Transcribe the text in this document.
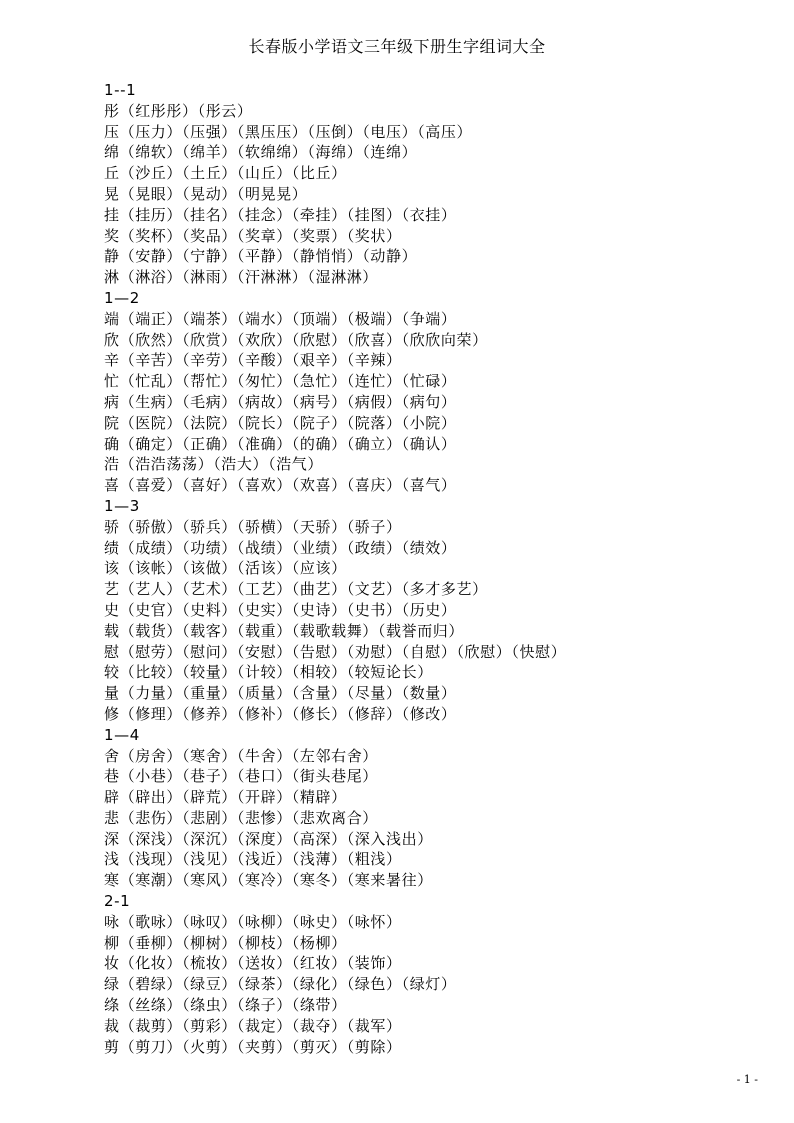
长春版小学语文三年级下册生字组词大全
1--1
彤（红彤彤）（彤云）
压（压力）（压强）（黑压压）（压倒）（电压）（高压）
绵（绵软）（绵羊）（软绵绵）（海绵）（连绵）
丘（沙丘）（土丘）（山丘）（比丘）
晃（晃眼）（晃动）（明晃晃）
挂（挂历）（挂名）（挂念）（牵挂）（挂图）（衣挂）
奖（奖杯）（奖品）（奖章）（奖票）（奖状）
静（安静）（宁静）（平静）（静悄悄）（动静）
淋（淋浴）（淋雨）（汗淋淋）（湿淋淋）
1—2
端（端正）（端茶）（端水）（顶端）（极端）（争端）
欣（欣然）（欣赏）（欢欣）（欣慰）（欣喜）（欣欣向荣）
辛（辛苦）（辛劳）（辛酸）（艰辛）（辛辣）
忙（忙乱）（帮忙）（匆忙）（急忙）（连忙）（忙碌）
病（生病）（毛病）（病故）（病号）（病假）（病句）
院（医院）（法院）（院长）（院子）（院落）（小院）
确（确定）（正确）（准确）（的确）（确立）（确认）
浩（浩浩荡荡）（浩大）（浩气）
喜（喜爱）（喜好）（喜欢）（欢喜）（喜庆）（喜气）
1—3
骄（骄傲）（骄兵）（骄横）（天骄）（骄子）
绩（成绩）（功绩）（战绩）（业绩）（政绩）（绩效）
该（该帐）（该做）（活该）（应该）
艺（艺人）（艺术）（工艺）（曲艺）（文艺）（多才多艺）
史（史官）（史料）（史实）（史诗）（史书）（历史）
载（载货）（载客）（载重）（载歌载舞）（载誉而归）
慰（慰劳）（慰问）（安慰）（告慰）（劝慰）（自慰）（欣慰）（快慰）
较（比较）（较量）（计较）（相较）（较短论长）
量（力量）（重量）（质量）（含量）（尽量）（数量）
修（修理）（修养）（修补）（修长）（修辞）（修改）
1—4
舍（房舍）（寒舍）（牛舍）（左邻右舍）
巷（小巷）（巷子）（巷口）（街头巷尾）
辟（辟出）（辟荒）（开辟）（精辟）
悲（悲伤）（悲剧）（悲惨）（悲欢离合）
深（深浅）（深沉）（深度）（高深）（深入浅出）
浅（浅现）（浅见）（浅近）（浅薄）（粗浅）
寒（寒潮）（寒风）（寒冷）（寒冬）（寒来暑往）
2-1
咏（歌咏）（咏叹）（咏柳）（咏史）（咏怀）
柳（垂柳）（柳树）（柳枝）（杨柳）
妆（化妆）（梳妆）（送妆）（红妆）（装饰）
绿（碧绿）（绿豆）（绿茶）（绿化）（绿色）（绿灯）
绦（丝绦）（绦虫）（绦子）（绦带）
裁（裁剪）（剪彩）（裁定）（裁夺）（裁军）
剪（剪刀）（火剪）（夹剪）（剪灭）（剪除）
- 1 -
